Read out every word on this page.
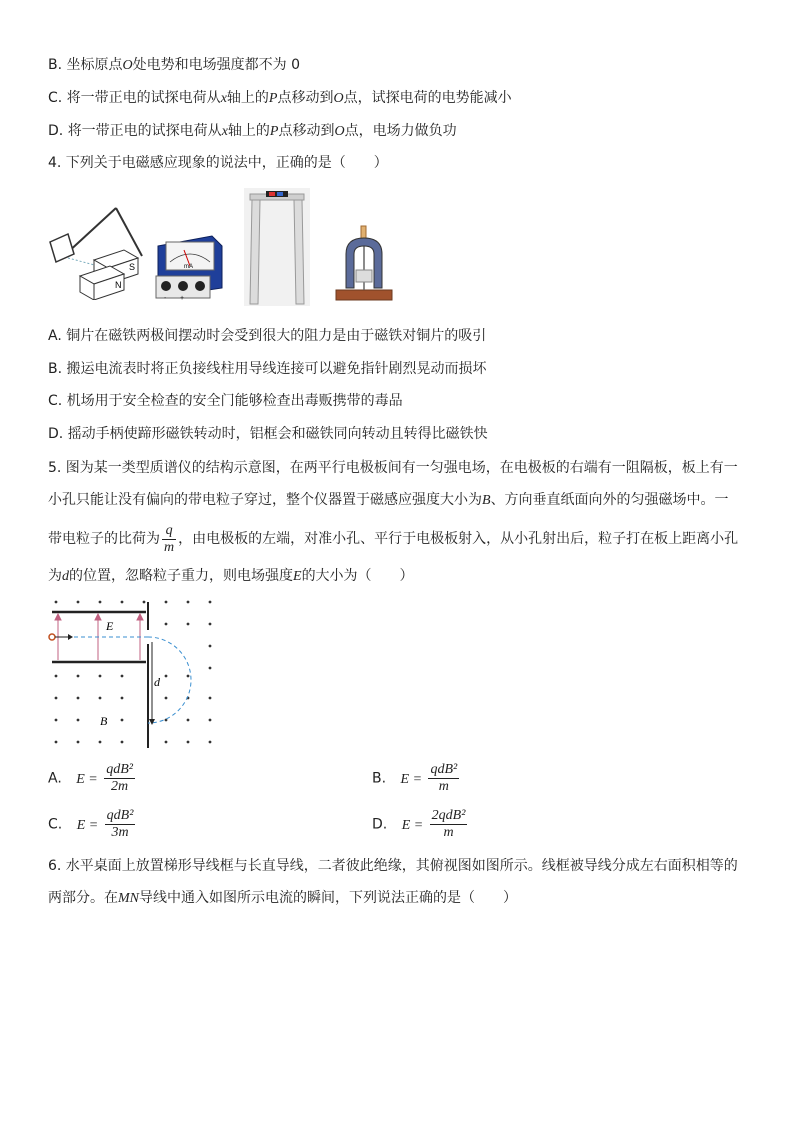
B. 坐标原点O处电势和电场强度都不为 0
C. 将一带正电的试探电荷从x轴上的P点移动到O点，试探电荷的电势能减小
D. 将一带正电的试探电荷从x轴上的P点移动到O点，电场力做负功
4. 下列关于电磁感应现象的说法中，正确的是（　　）
S
N
mA
- +
A. 铜片在磁铁两极间摆动时会受到很大的阻力是由于磁铁对铜片的吸引
B. 搬运电流表时将正负接线柱用导线连接可以避免指针剧烈晃动而损坏
C. 机场用于安全检查的安全门能够检查出毒贩携带的毒品
D. 摇动手柄使蹄形磁铁转动时，铝框会和磁铁同向转动且转得比磁铁快
5. 图为某一类型质谱仪的结构示意图，在两平行电极板间有一匀强电场，在电极板的右端有一阻隔板，板上有一
小孔只能让没有偏向的带电粒子穿过，整个仪器置于磁感应强度大小为B、方向垂直纸面向外的匀强磁场中。一
带电粒子的比荷为 $\frac{q}{m}$ ，由电极板的左端，对准小孔、平行于电极板射入，从小孔射出后，粒子打在板上距离小孔
为d的位置，忽略粒子重力，则电场强度E的大小为（　　）
E
d
B
A. $E = \frac{\text{qdB²}}{2m}$	B. $E = \frac{\text{qdB²}}{m}$
C. $E = \frac{\text{qdB²}}{3m}$	D. $E = \frac{\text{2qdB²}}{m}$
6. 水平桌面上放置梯形导线框与长直导线，二者彼此绝缘，其俯视图如图所示。线框被导线分成左右面积相等的
两部分。在MN导线中通入如图所示电流的瞬间，下列说法正确的是（　　）
